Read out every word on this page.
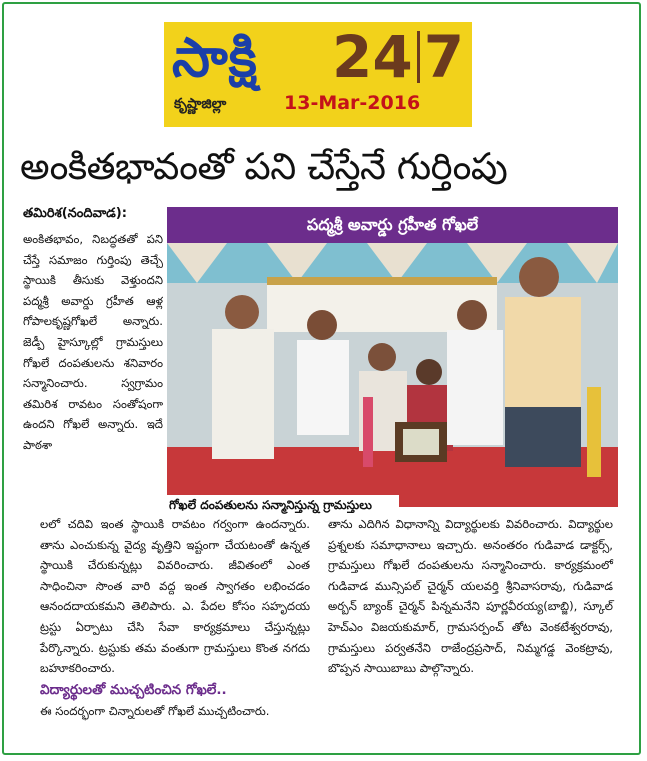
సాక్షి 24 7
కృష్ణాజిల్లా	13-Mar-2016
అంకితభావంతో పని చేస్తేనే గుర్తింపు
తమిరిశ(నందివాడ):
అంకితభావం, నిబద్ధతతో పని చేస్తే సమాజం గుర్తింపు తెచ్చే స్థాయికి తీసుకు వెళ్తుందని పద్మశ్రీ అవార్డు గ్రహీత ఆళ్ల గోపాలకృష్ణగోఖలే అన్నారు. జెడ్పీ హైస్కూల్లో గ్రామస్తులు గోఖలే దంపతులను శనివారం సన్మానించారు. స్వగ్రామం తమిరిశ రావటం సంతోషంగా ఉందని గోఖలే అన్నారు. ఇదే పాఠశా
పద్మశ్రీ అవార్డు గ్రహీత గోఖలే
గోఖలే దంపతులను సన్మానిస్తున్న గ్రామస్తులు
లలో చదివి ఇంత స్థాయికి రావటం గర్వంగా ఉందన్నారు. తాను ఎంచుకున్న వైద్య వృత్తిని ఇష్టంగా చేయటంతో ఉన్నత స్థాయికి చేరుకున్నట్లు వివరించారు. జీవితంలో ఎంత సాధించినా సొంత వారి వద్ద ఇంత స్వాగతం లభించడం ఆనందదాయకమని తెలిపారు. ఎ. పేదల కోసం సహృదయ ట్రస్టు ఏర్పాటు చేసి సేవా కార్యక్రమాలు చేస్తున్నట్లు పేర్కొన్నారు. ట్రస్టుకు తమ వంతుగా గ్రామస్తులు కొంత నగదు బహూకరించారు.
విద్యార్థులతో ముచ్చటించిన గోఖలే..
ఈ సందర్భంగా చిన్నారులతో గోఖలే ముచ్చటించారు.
తాను ఎదిగిన విధానాన్ని విద్యార్థులకు వివరించారు. విద్యార్థుల ప్రశ్నలకు సమాధానాలు ఇచ్చారు. అనంతరం గుడివాడ డాక్టర్స్, గ్రామస్తులు గోఖలే దంపతులను సన్మానించారు. కార్యక్రమంలో గుడివాడ మున్సిపల్ చైర్మన్ యలవర్తి శ్రీనివాసరావు, గుడివాడ అర్బన్ బ్యాంక్ చైర్మన్ పిన్నమనేని పూర్ణవీరయ్య(బాబ్జి), స్కూల్ హెచ్‌ఎం విజయకుమార్, గ్రామసర్పంచ్ తోట వెంకటేశ్వరరావు, గ్రామస్తులు పర్వతనేని రాజేంద్రప్రసాద్, నిమ్మగడ్డ వెంకట్రావు, బొప్పన సాయిబాబు పాల్గొన్నారు.
